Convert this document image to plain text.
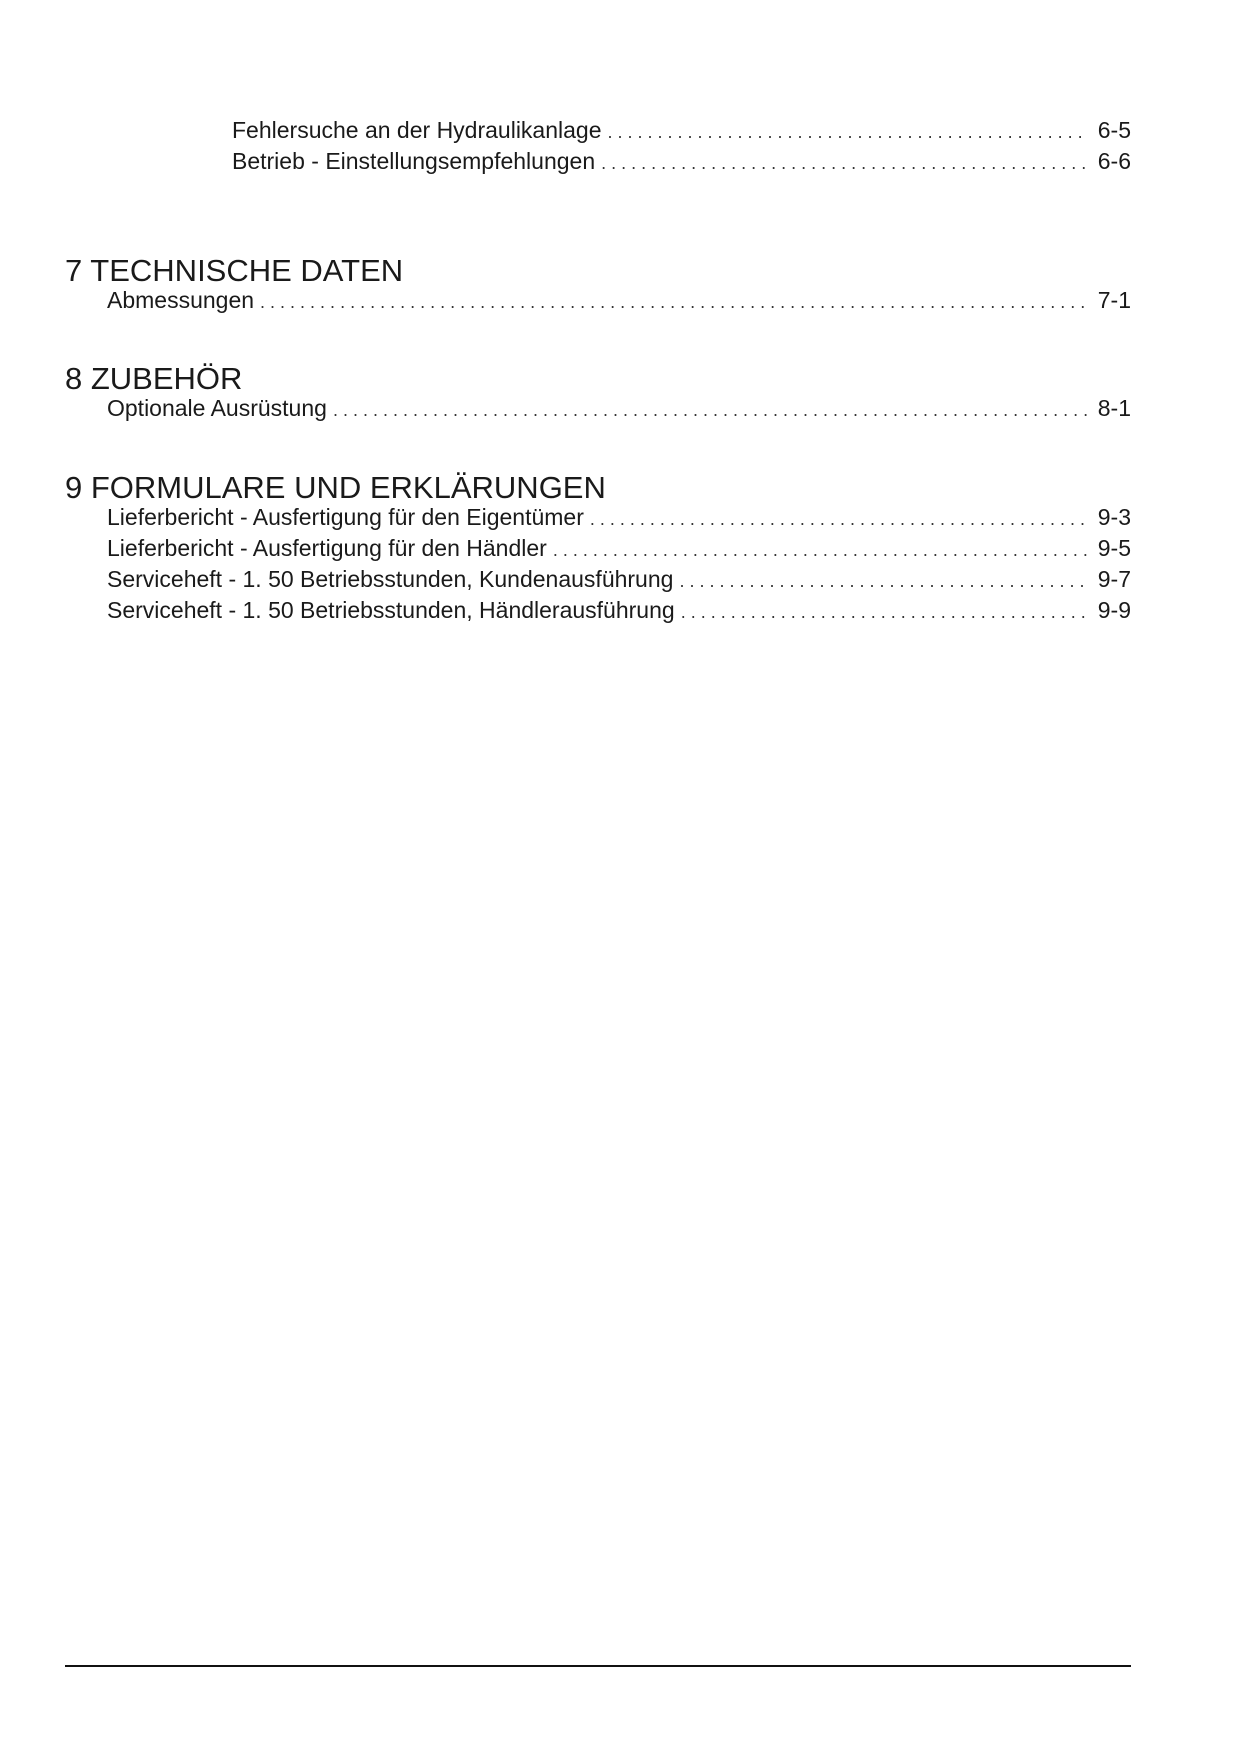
Fehlersuche an der Hydraulikanlage . . .	6-5
Betrieb - Einstellungsempfehlungen . . .	6-6
7 TECHNISCHE DATEN
Abmessungen . . .	7-1
8 ZUBEHÖR
Optionale Ausrüstung . . .	8-1
9 FORMULARE UND ERKLÄRUNGEN
Lieferbericht - Ausfertigung für den Eigentümer . . .	9-3
Lieferbericht - Ausfertigung für den Händler . . .	9-5
Serviceheft - 1. 50 Betriebsstunden, Kundenausführung . . .	9-7
Serviceheft - 1. 50 Betriebsstunden, Händlerausführung . . .	9-9
